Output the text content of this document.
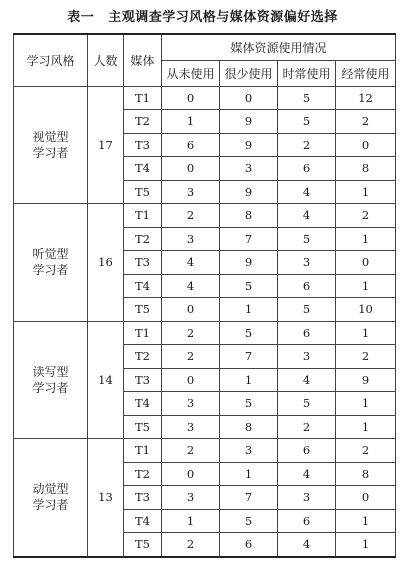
表一 主观调查学习风格与媒体资源偏好选择
学习风格	人数	媒体	媒体资源使用情况			
			从未使用	很少使用	时常使用	经常使用

视觉型
学习者	17	T1	0	0	5	12
		T2	1	9	5	2
		T3	6	9	2	0
		T4	0	3	6	8
		T5	3	9	4	1

听觉型
学习者	16	T1	2	8	4	2
		T2	3	7	5	1
		T3	4	9	3	0
		T4	4	5	6	1
		T5	0	1	5	10

读写型
学习者	14	T1	2	5	6	1
		T2	2	7	3	2
		T3	0	1	4	9
		T4	3	5	5	1
		T5	3	8	2	1

动觉型
学习者	13	T1	2	3	6	2
		T2	0	1	4	8
		T3	3	7	3	0
		T4	1	5	6	1
		T5	2	6	4	1
